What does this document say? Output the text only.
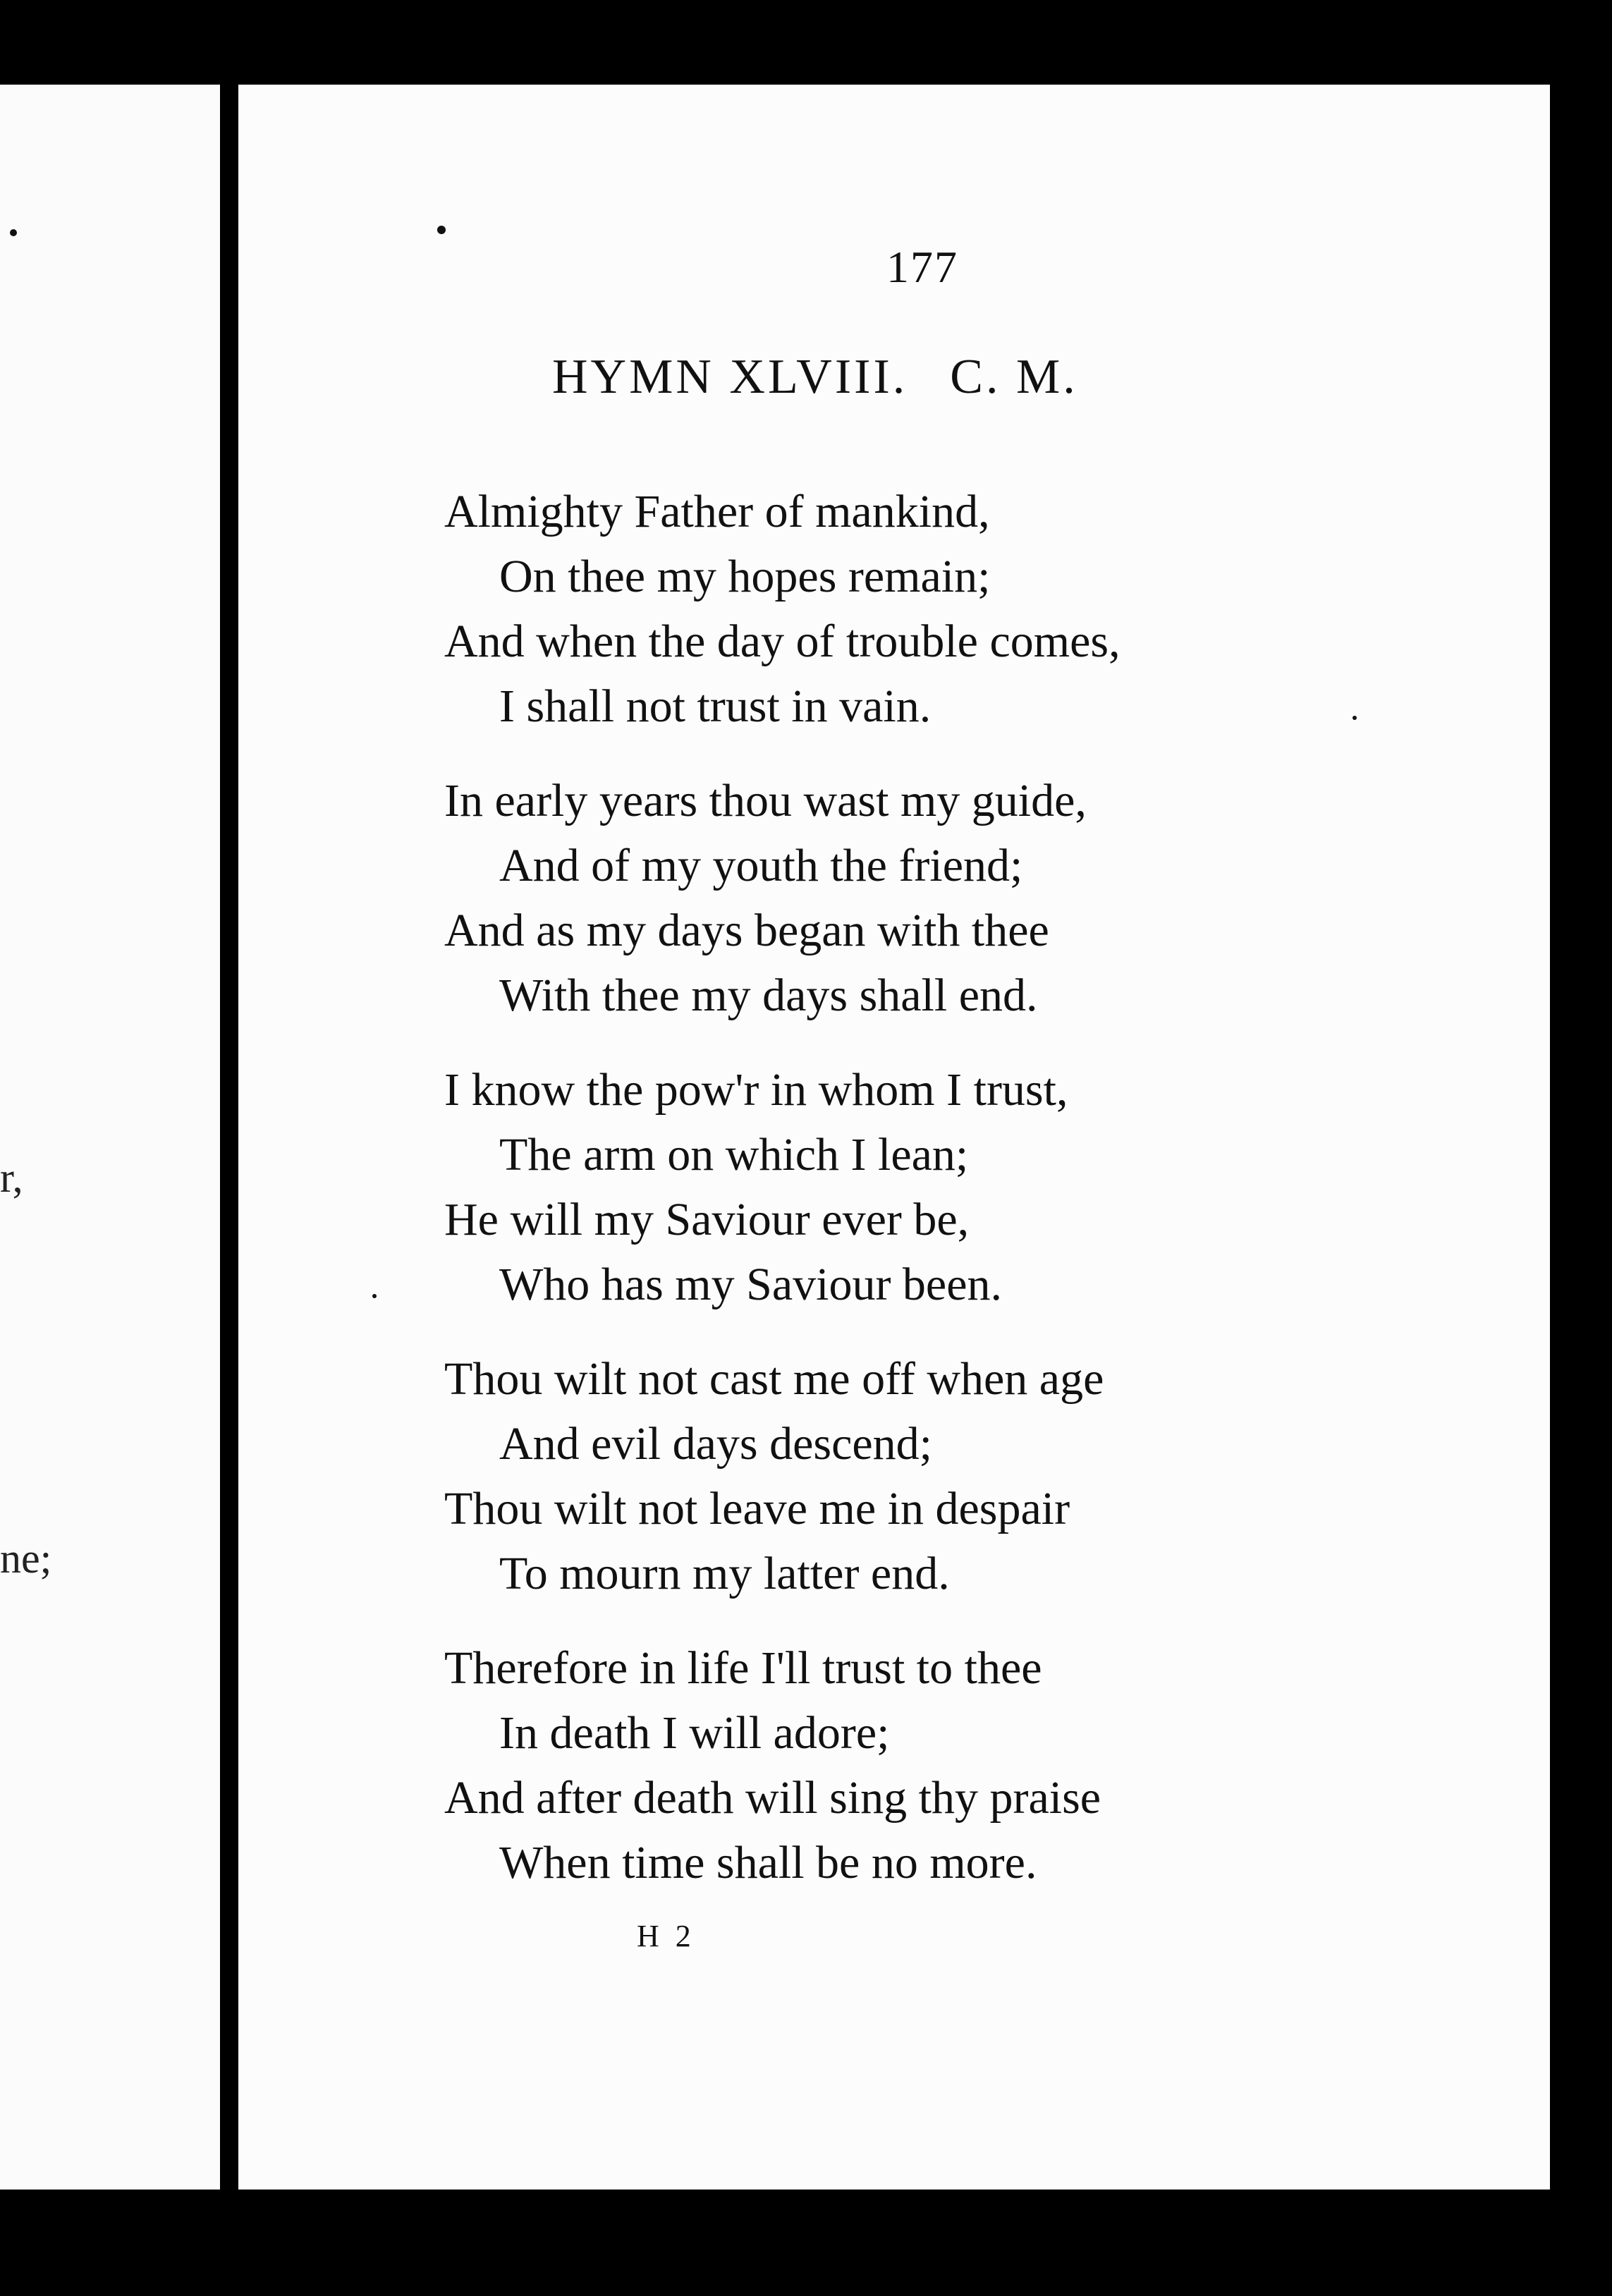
r,
ne;
177
HYMN XLVIII. C. M.
Almighty Father of mankind,
On thee my hopes remain;
And when the day of trouble comes,
I shall not trust in vain.
In early years thou wast my guide,
And of my youth the friend;
And as my days began with thee
With thee my days shall end.
I know the pow'r in whom I trust,
The arm on which I lean;
He will my Saviour ever be,
Who has my Saviour been.
Thou wilt not cast me off when age
And evil days descend;
Thou wilt not leave me in despair
To mourn my latter end.
Therefore in life I'll trust to thee
In death I will adore;
And after death will sing thy praise
When time shall be no more.
H 2
